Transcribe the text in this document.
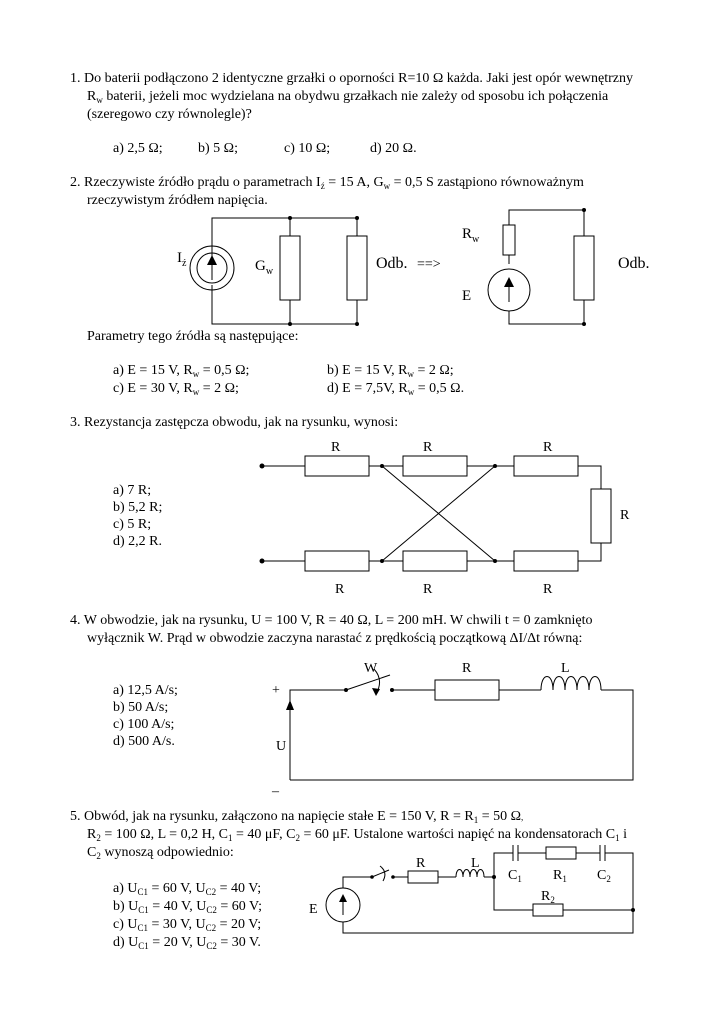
1. Do baterii podłączono 2 identyczne grzałki o oporności R=10 Ω każda. Jaki jest opór wewnętrzny
$R_w$ baterii, jeżeli moc wydzielana na obydwu grzałkach nie zależy od sposobu ich połączenia
(szeregowo czy równolegle)?
a) 2,5 Ω;	b) 5 Ω;	c) 10 Ω;	d) 20 Ω.
2. Rzeczywiste źródło prądu o parametrach $I_ź = 15$ A, $G_w = 0,5$ S zastąpiono równoważnym
rzeczywistym źródłem napięcia.
$I_ź$	$G_w$	Odb. ==>
$R_w$
E
Odb.
Parametry tego źródła są następujące:
a) E = 15 V, $R_w = 0,5$ Ω;	b) E = 15 V, $R_w = 2$ Ω;
c) E = 30 V, $R_w = 2$ Ω;	d) E = 7,5V, $R_w = 0,5$ Ω.
3. Rezystancja zastępcza obwodu, jak na rysunku, wynosi:
R	R	R
R
R	R	R
a) 7 R;
b) 5,2 R;
c) 5 R;
d) 2,2 R.
4. W obwodzie, jak na rysunku, U = 100 V, R = 40 Ω, L = 200 mH. W chwili t = 0 zamknięto
wyłącznik W. Prąd w obwodzie zaczyna narastać z prędkością początkową ΔI/Δt równą:
W	R	L
+
U
–
a) 12,5 A/s;
b) 50 A/s;
c) 100 A/s;
d) 500 A/s.
5. Obwód, jak na rysunku, załączono na napięcie stałe E = 150 V, $R = R_1 = 50$ Ω,
$R_2 = 100$ Ω, L = 0,2 H, $C_1 = 40$ μF, $C_2 = 60$ μF. Ustalone wartości napięć na kondensatorach $C_1$ i
$C_2$ wynoszą odpowiednio:
E
R	L
$C_1$ $R_1$ $C_2$
$R_2$
a) $U_{C1} = 60$ V, $U_{C2} = 40$ V;
b) $U_{C1} = 40$ V, $U_{C2} = 60$ V;
c) $U_{C1} = 30$ V, $U_{C2} = 20$ V;
d) $U_{C1} = 20$ V, $U_{C2} = 30$ V.
